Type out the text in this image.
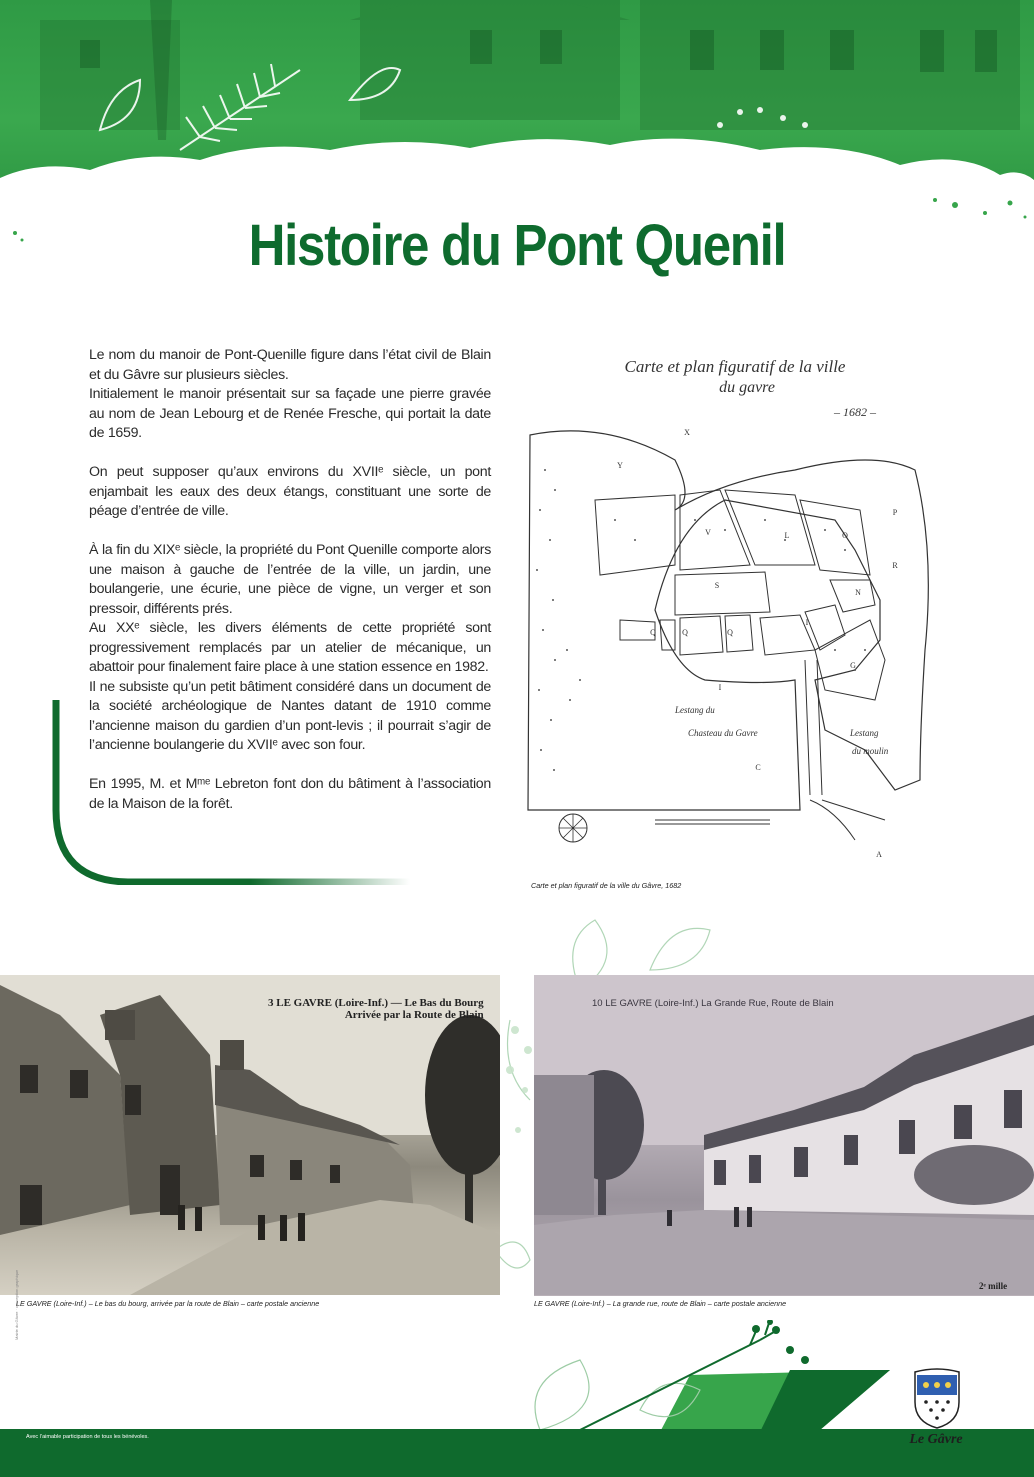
Histoire du Pont Quenil

Le nom du manoir de Pont-Quenille figure dans l’état civil de Blain et du Gâvre sur plusieurs siècles.

Initialement le manoir présentait sur sa façade une pierre gravée au nom de Jean Lebourg et de Renée Fresche, qui portait la date de 1659.

On peut supposer qu’aux environs du XVIIᵉ siècle, un pont enjambait les eaux des deux étangs, constituant une sorte de péage d’entrée de ville.

À la fin du XIXᵉ siècle, la propriété du Pont Quenille comporte alors une maison à gauche de l’entrée de la ville, un jardin, une boulangerie, une écurie, une pièce de vigne, un verger et son pressoir, différents prés.

Au XXᵉ siècle, les divers éléments de cette propriété sont progressivement remplacés par un atelier de mécanique, un abattoir pour finalement faire place à une station essence en 1982.

Il ne subsiste qu’un petit bâtiment considéré dans un document de la société archéologique de Nantes datant de 1910 comme l’ancienne maison du gardien d’un pont-levis ; il pourrait s’agir de l’ancienne boulangerie du XVIIᵉ avec son four.

En 1995, M. et Mᵐᵉ Lebreton font don du bâtiment à l’association de la Maison de la forêt.

Carte et plan figuratif de la ville
du gavre
– 1682 –
X
Y
V	L	O
P
R
N
S
Q	Q	Q
I
I
G
C
A
Lestang du
Chasteau du Gavre	Lestang
du moulin
Carte et plan figuratif de la ville du Gâvre, 1682
3 LE GAVRE (Loire-Inf.) — Le Bas du Bourg
Arrivée par la Route de Blain
LE GAVRE (Loire-Inf.) – Le bas du bourg, arrivée par la route de Blain – carte postale ancienne
10 LE GAVRE (Loire-Inf.) La Grande Rue, Route de Blain
2ᵉ mille
LE GAVRE (Loire-Inf.) – La grande rue, route de Blain – carte postale ancienne
Avec l’aimable participation de tous les bénévoles.
Mairie du Gâvre · conception graphique
Le Gâvre
